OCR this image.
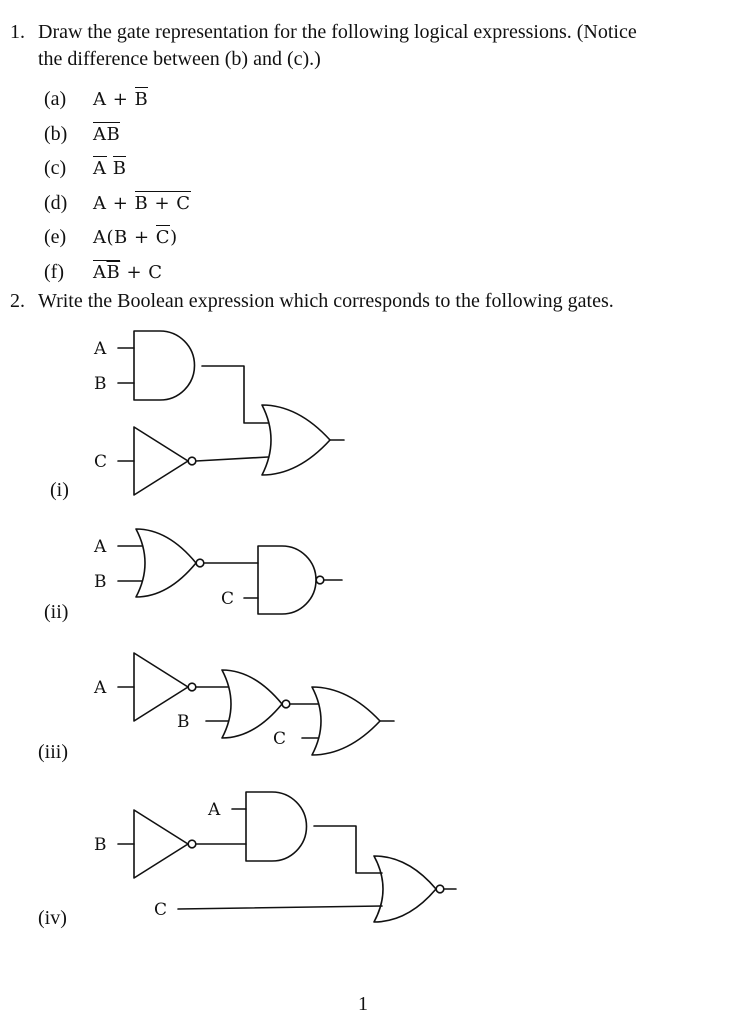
1. Draw the gate representation for the following logical expressions. (Notice
the difference between (b) and (c).)
(a) A + B
(b) AB
(c) A B
(d) A + B + C
(e) A(B + C)
(f) $A\overline{B} + C$
2. Write the Boolean expression which corresponds to the following gates.
(i)
(ii)
(iii)
(iv)
A
B
C
A
B
C
A
B
C
A
B
C
1
